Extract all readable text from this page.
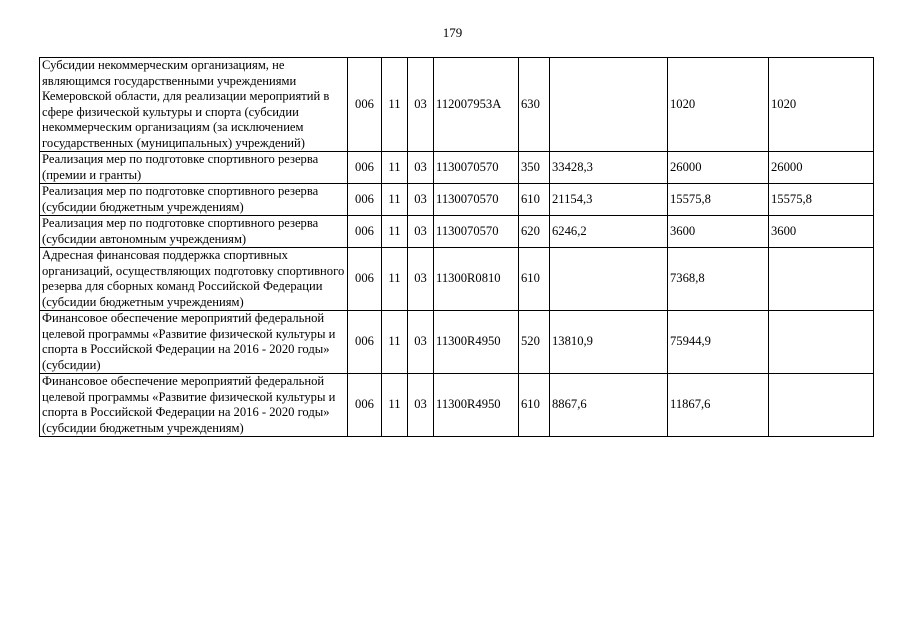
179
Субсидии некоммерческим организациям, не являющимся государственными учреждениями Кемеровской области, для реализации мероприятий в сфере физической культуры и спорта (субсидии некоммерческим организациям (за исключением государственных (муниципальных) учреждений)	006	11	03	112007953A	630		1020	1020
Реализация мер по подготовке спортивного резерва (премии и гранты)	006	11	03	1130070570	350	33428,3	26000	26000
Реализация мер по подготовке спортивного резерва (субсидии бюджетным учреждениям)	006	11	03	1130070570	610	21154,3	15575,8	15575,8
Реализация мер по подготовке спортивного резерва (субсидии автономным учреждениям)	006	11	03	1130070570	620	6246,2	3600	3600
Адресная финансовая поддержка спортивных организаций, осуществляющих подготовку спортивного резерва для сборных команд Российской Федерации (субсидии бюджетным учреждениям)	006	11	03	11300R0810	610		7368,8	
Финансовое обеспечение мероприятий федеральной целевой программы «Развитие физической культуры и спорта в Российской Федерации на 2016 - 2020 годы» (субсидии)	006	11	03	11300R4950	520	13810,9	75944,9	
Финансовое обеспечение мероприятий федеральной целевой программы «Развитие физической культуры и спорта в Российской Федерации на 2016 - 2020 годы» (субсидии бюджетным учреждениям)	006	11	03	11300R4950	610	8867,6	11867,6	
